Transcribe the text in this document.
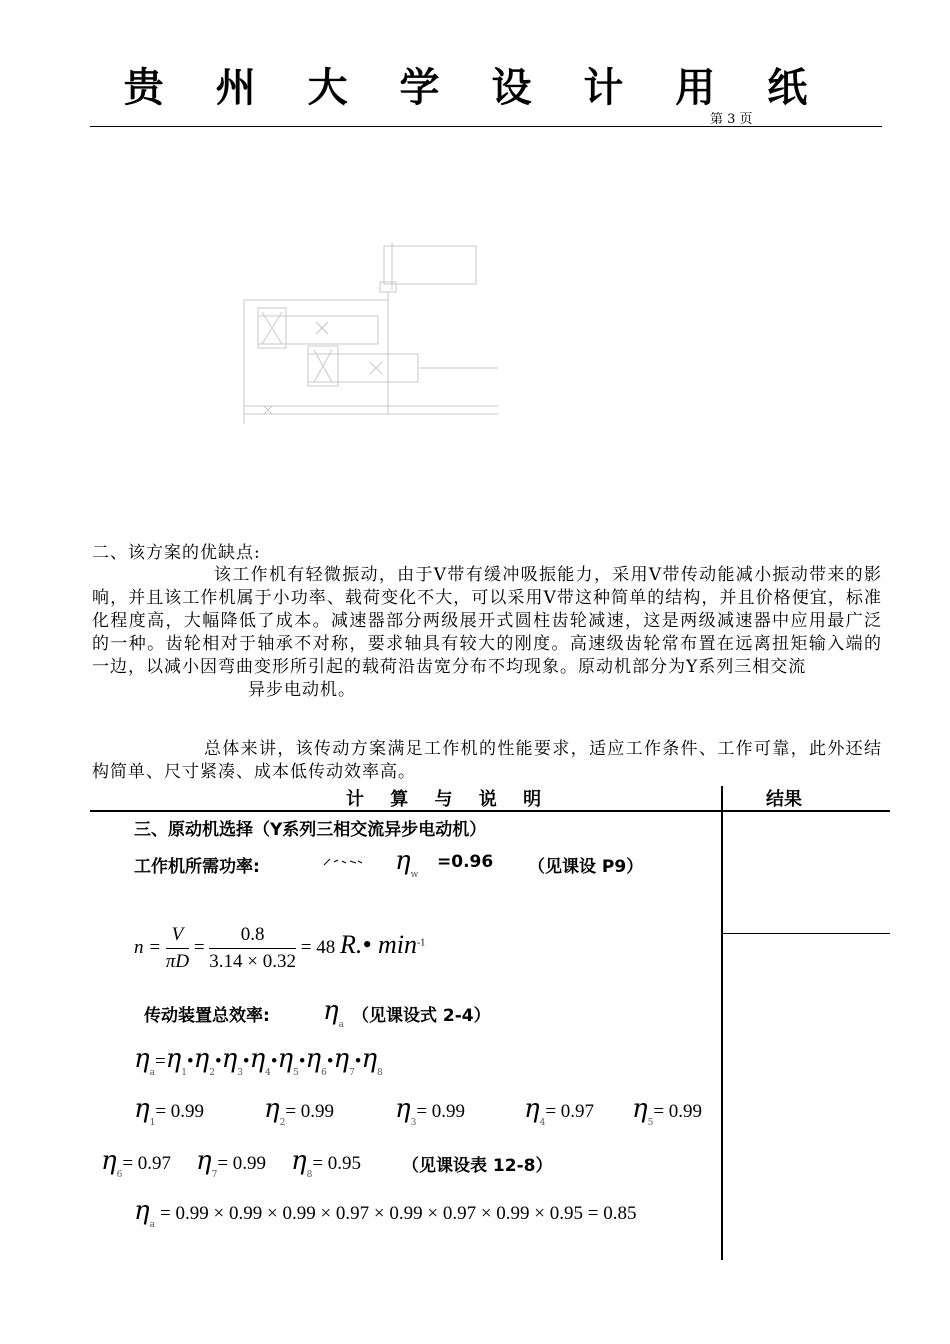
贵 州 大 学 设 计 用 纸
第 3 页
二、该方案的优缺点:
该工作机有轻微振动，由于V带有缓冲吸振能力，采用V带传动能减小振动带来的影响，并且该工作机属于小功率、载荷变化不大，可以采用V带这种简单的结构，并且价格便宜，标准化程度高，大幅降低了成本。减速器部分两级展开式圆柱齿轮减速，这是两级减速器中应用最广泛的一种。齿轮相对于轴承不对称，要求轴具有较大的刚度。高速级齿轮常布置在远离扭矩输入端的一边，以减小因弯曲变形所引起的载荷沿齿宽分布不均现象。原动机部分为Y系列三相交流
异步电动机。
总体来讲，该传动方案满足工作机的性能要求，适应工作条件、工作可靠，此外还结构简单、尺寸紧凑、成本低传动效率高。
计 算 与 说 明	结果
三、原动机选择（Y系列三相交流异步电动机）
工作机所需功率:	$\eta_w$
=0.96 （见课设 P9）
$n = \frac{V}{\pi D} = \frac{0.8}{3.14 \times 0.32} = 48$ R.• $\min^{-1}$
传动装置总效率: $\eta_a$ （见课设式 2-4）
$\eta_a=\eta_1•\eta_2•\eta_3•\eta_4•\eta_5•\eta_6•\eta_7•\eta_8$
$\eta_1= 0.99$ $\eta_2= 0.99$ $\eta_3= 0.99$ $\eta_4= 0.97$ $\eta_5= 0.99$
$\eta_6= 0.97$ $\eta_7= 0.99$ $\eta_8= 0.95$ （见课设表 12-8）
$\eta_a = 0.99 \times 0.99 \times 0.99 \times 0.97 \times 0.99 \times 0.97 \times 0.99 \times 0.95 = 0.85$
